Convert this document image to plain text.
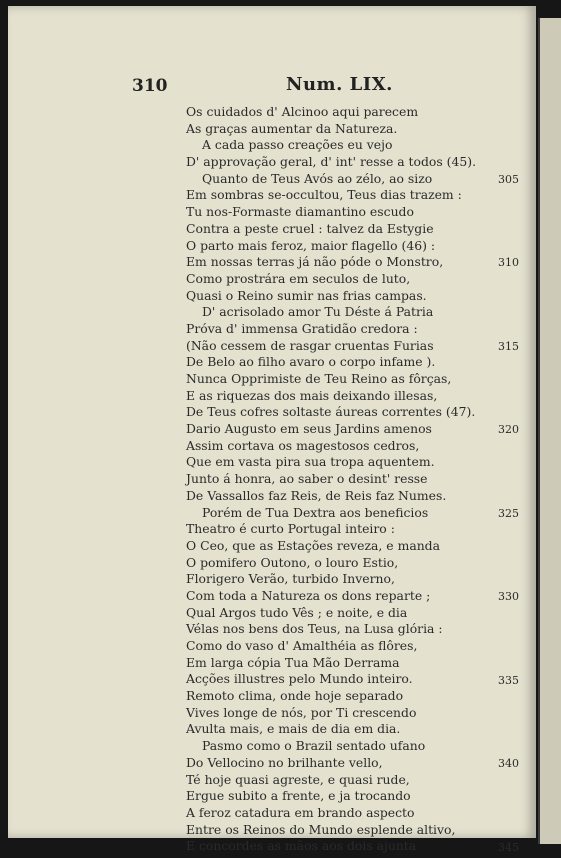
310	Num. LIX.
Os cuidados d' Alcinoo aqui parecem
As graças aumentar da Natureza.
A cada passo creações eu vejo
D' approvação geral, d' int' resse a todos (45).
Quanto de Teus Avós ao zélo, ao sizo
Em sombras se-occultou, Teus dias trazem :
Tu nos-Formaste diamantino escudo
Contra a peste cruel : talvez da Estygie
O parto mais feroz, maior flagello (46) :
Em nossas terras já não póde o Monstro,
Como prostrára em seculos de luto,
Quasi o Reino sumir nas frias campas.
D' acrisolado amor Tu Déste á Patria
Próva d' immensa Gratidão credora :
(Não cessem de rasgar cruentas Furias
De Belo ao filho avaro o corpo infame ).
Nunca Opprimiste de Teu Reino as fôrças,
E as riquezas dos mais deixando illesas,
De Teus cofres soltaste áureas correntes (47).
Dario Augusto em seus Jardins amenos
Assim cortava os magestosos cedros,
Que em vasta pira sua tropa aquentem.
Junto á honra, ao saber o desint' resse
De Vassallos faz Reis, de Reis faz Numes.
Porém de Tua Dextra aos beneficios
Theatro é curto Portugal inteiro :
O Ceo, que as Estações reveza, e manda
O pomifero Outono, o louro Estio,
Florigero Verão, turbido Inverno,
Com toda a Natureza os dons reparte ;
Qual Argos tudo Vês ; e noite, e dia
Vélas nos bens dos Teus, na Lusa glória :
Como do vaso d' Amalthéia as flôres,
Em larga cópia Tua Mão Derrama
Acções illustres pelo Mundo inteiro.
Remoto clima, onde hoje separado
Vives longe de nós, por Ti crescendo
Avulta mais, e mais de dia em dia.
Pasmo como o Brazil sentado ufano
Do Vellocino no brilhante vello,
Té hoje quasi agreste, e quasi rude,
Ergue subito a frente, e ja trocando
A feroz catadura em brando aspecto
Entre os Reinos do Mundo esplende altivo,
E concordes as mãos aos dois ajunta
305
310
315
320
325
330
335
340
345
